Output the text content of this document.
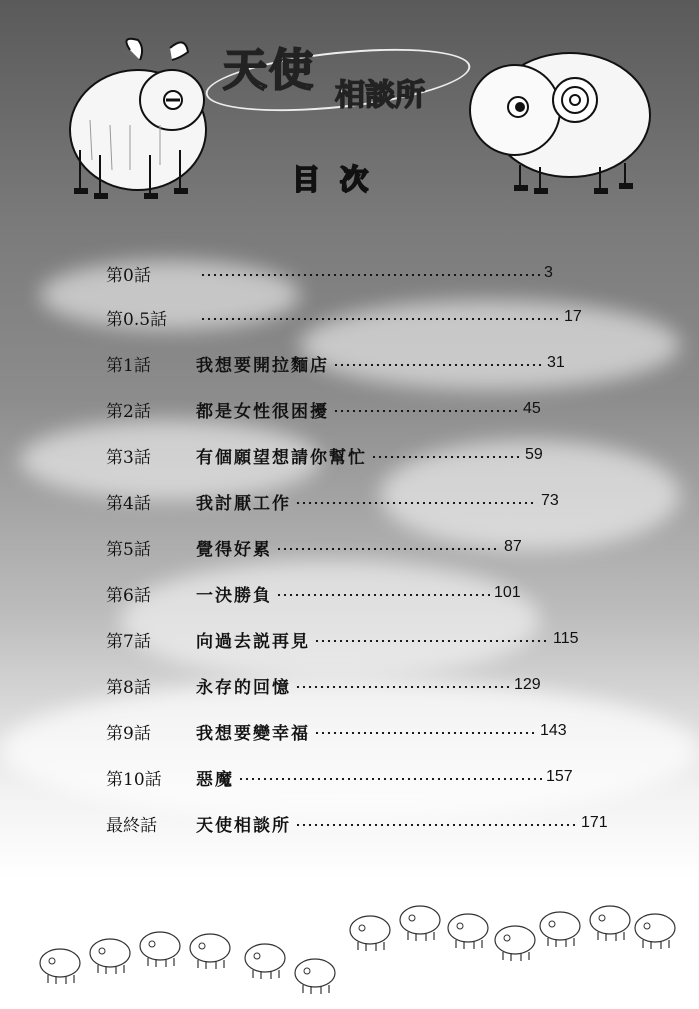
天使 相談所
目次
第0話	3
第0.5話	17
第1話	我想要開拉麵店	31
第2話	都是女性很困擾	45
第3話	有個願望想請你幫忙	59
第4話	我討厭工作	73
第5話	覺得好累	87
第6話	一決勝負	101
第7話	向過去説再見	115
第8話	永存的回憶	129
第9話	我想要變幸福	143
第10話	惡魔	157
最終話	天使相談所	171
